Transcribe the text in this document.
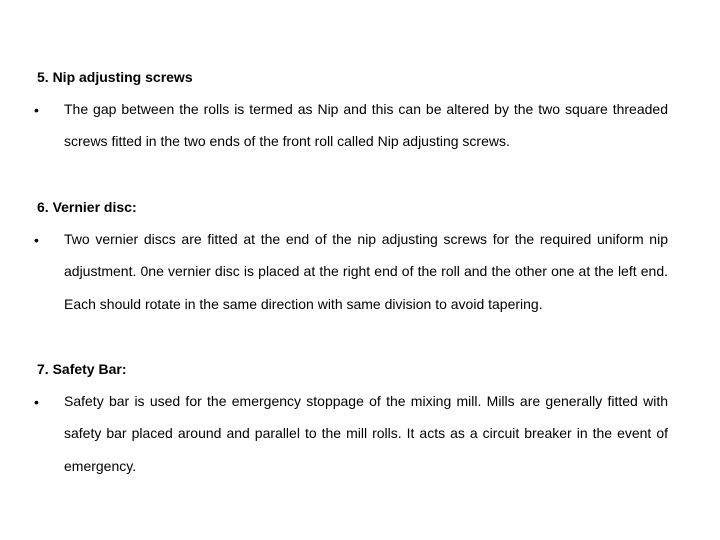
5. Nip adjusting screws
• The gap between the rolls is termed as Nip and this can be altered by the two square threaded screws fitted in the two ends of the front roll called Nip adjusting screws.

6. Vernier disc:
• Two vernier discs are fitted at the end of the nip adjusting screws for the required uniform nip adjustment. 0ne vernier disc is placed at the right end of the roll and the other one at the left end. Each should rotate in the same direction with same division to avoid tapering.

7. Safety Bar:
• Safety bar is used for the emergency stoppage of the mixing mill. Mills are generally fitted with safety bar placed around and parallel to the mill rolls. It acts as a circuit breaker in the event of emergency.
